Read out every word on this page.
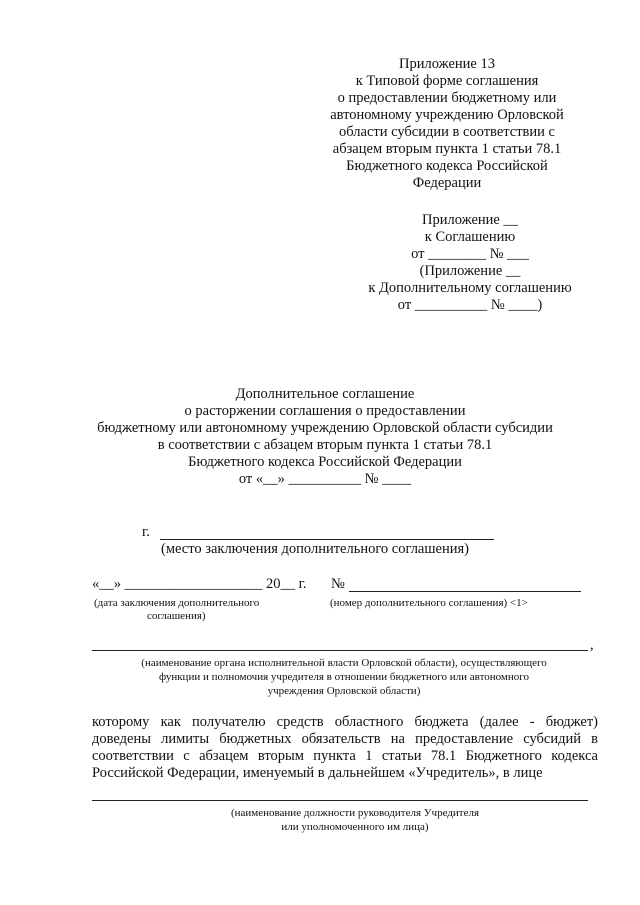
Приложение 13
к Типовой форме соглашения
о предоставлении бюджетному или
автономному учреждению Орловской
области субсидии в соответствии с
абзацем вторым пункта 1 статьи 78.1
Бюджетного кодекса Российской
Федерации
Приложение __
к Соглашению
от ________ № ___
(Приложение __
к Дополнительному соглашению
от __________ № ____)
Дополнительное соглашение
о расторжении соглашения о предоставлении
бюджетному или автономному учреждению Орловской области субсидии
в соответствии с абзацем вторым пункта 1 статьи 78.1
Бюджетного кодекса Российской Федерации
от «__» __________ № ____
г.
(место заключения дополнительного соглашения)
«__» ___________________ 20__ г. №
(дата заключения дополнительного
соглашения)
(номер дополнительного соглашения) <1>
,
(наименование органа исполнительной власти Орловской области), осуществляющего
функции и полномочия учредителя в отношении бюджетного или автономного
учреждения Орловской области)
которому как получателю средств областного бюджета (далее - бюджет)
доведены лимиты бюджетных обязательств на предоставление субсидий в
соответствии с абзацем вторым пункта 1 статьи 78.1 Бюджетного кодекса
Российской Федерации, именуемый в дальнейшем «Учредитель», в лице
(наименование должности руководителя Учредителя
или уполномоченного им лица)
